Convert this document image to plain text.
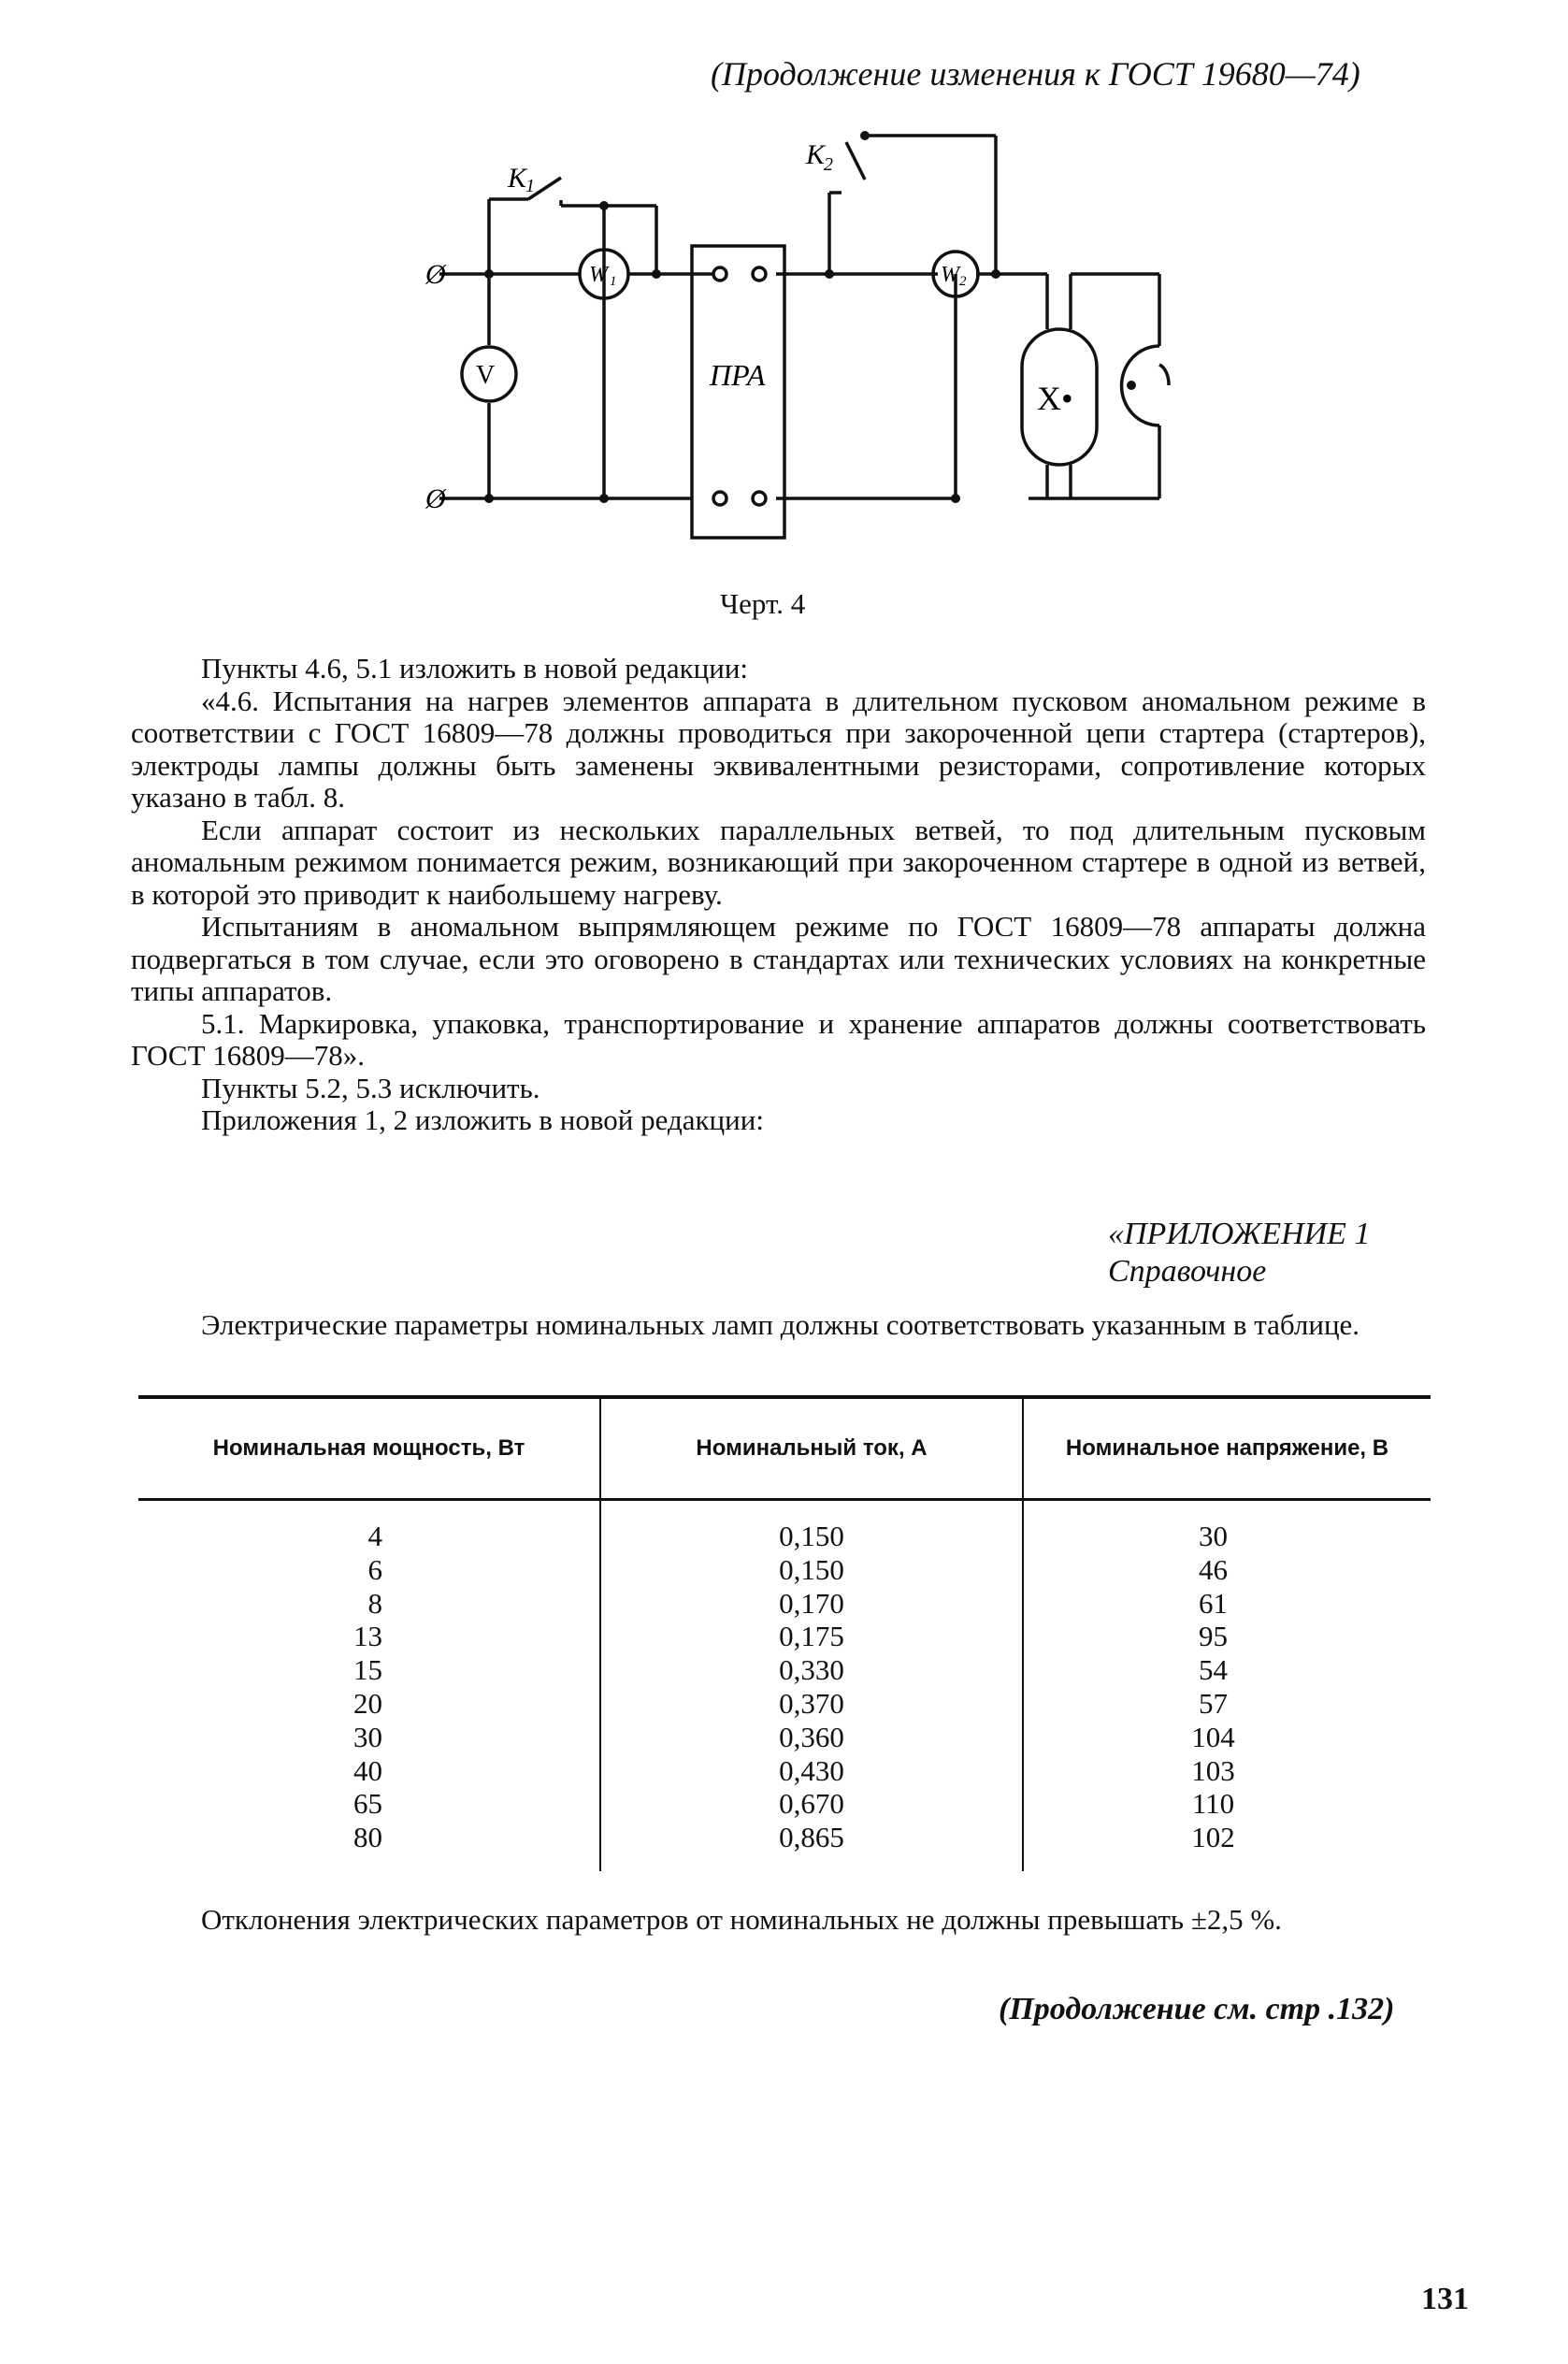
(Продолжение изменения к ГОСТ 19680—74)
Ø
Ø
K
1
K
2
V
W 1	W 2
ПРА
X•
Черт. 4

Пункты 4.6, 5.1 изложить в новой редакции:

«4.6. Испытания на нагрев элементов аппарата в длительном пусковом аномальном режиме в соответствии с ГОСТ 16809—78 должны проводиться при закороченной цепи стартера (стартеров), электроды лампы должны быть заменены эквивалентными резисторами, сопротивление которых указано в табл. 8.

Если аппарат состоит из нескольких параллельных ветвей, то под длительным пусковым аномальным режимом понимается режим, возникающий при закороченном стартере в одной из ветвей, в которой это приводит к наибольшему нагреву.

Испытаниям в аномальном выпрямляющем режиме по ГОСТ 16809—78 аппараты должна подвергаться в том случае, если это оговорено в стандартах или технических условиях на конкретные типы аппаратов.

5.1. Маркировка, упаковка, транспортирование и хранение аппаратов должны соответствовать ГОСТ 16809—78».

Пункты 5.2, 5.3 исключить.

Приложения 1, 2 изложить в новой редакции:

«ПРИЛОЖЕНИЕ 1
Справочное

Электрические параметры номинальных ламп должны соответствовать указанным в таблице.

Номинальная мощность, Вт	Номинальный ток, А	Номинальное напряжение, В
4	0,150	30
6	0,150	46
8	0,170	61
13	0,175	95
15	0,330	54
20	0,370	57
30	0,360	104
40	0,430	103
65	0,670	110
80	0,865	102

Отклонения электрических параметров от номинальных не должны превышать ±2,5 %.

(Продолжение см. стр .132)
131
